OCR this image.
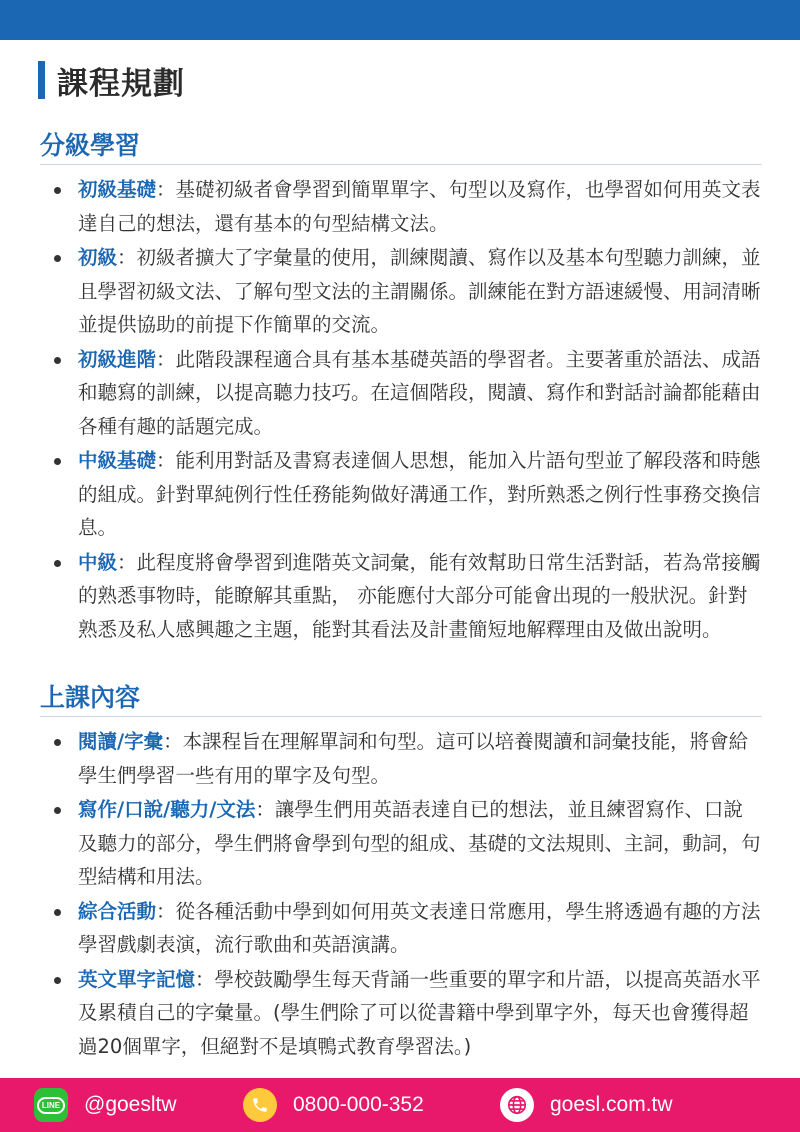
課程規劃
分級學習
初級基礎：基礎初級者會學習到簡單單字、句型以及寫作，也學習如何用英文表達自己的想法，還有基本的句型結構文法。
初級：初級者擴大了字彙量的使用，訓練閱讀、寫作以及基本句型聽力訓練，並且學習初級文法、了解句型文法的主謂關係。訓練能在對方語速緩慢、用詞清晰並提供協助的前提下作簡單的交流。
初級進階：此階段課程適合具有基本基礎英語的學習者。主要著重於語法、成語和聽寫的訓練，以提高聽力技巧。在這個階段，閱讀、寫作和對話討論都能藉由各種有趣的話題完成。
中級基礎：能利用對話及書寫表達個人思想，能加入片語句型並了解段落和時態的組成。針對單純例行性任務能夠做好溝通工作，對所熟悉之例行性事務交換信息。
中級：此程度將會學習到進階英文詞彙，能有效幫助日常生活對話，若為常接觸的熟悉事物時，能瞭解其重點， 亦能應付大部分可能會出現的一般狀況。針對熟悉及私人感興趣之主題，能對其看法及計畫簡短地解釋理由及做出說明。
上課內容
閱讀/字彙：本課程旨在理解單詞和句型。這可以培養閱讀和詞彙技能，將會給學生們學習一些有用的單字及句型。
寫作/口說/聽力/文法：讓學生們用英語表達自已的想法，並且練習寫作、口說及聽力的部分，學生們將會學到句型的組成、基礎的文法規則、主詞，動詞，句型結構和用法。
綜合活動：從各種活動中學到如何用英文表達日常應用，學生將透過有趣的方法學習戲劇表演，流行歌曲和英語演講。
英文單字記憶：學校鼓勵學生每天背誦一些重要的單字和片語，以提高英語水平及累積自己的字彙量。(學生們除了可以從書籍中學到單字外，每天也會獲得超過20個單字，但絕對不是填鴨式教育學習法。)
LINE @goesltw	0800-000-352	goesl.com.tw
